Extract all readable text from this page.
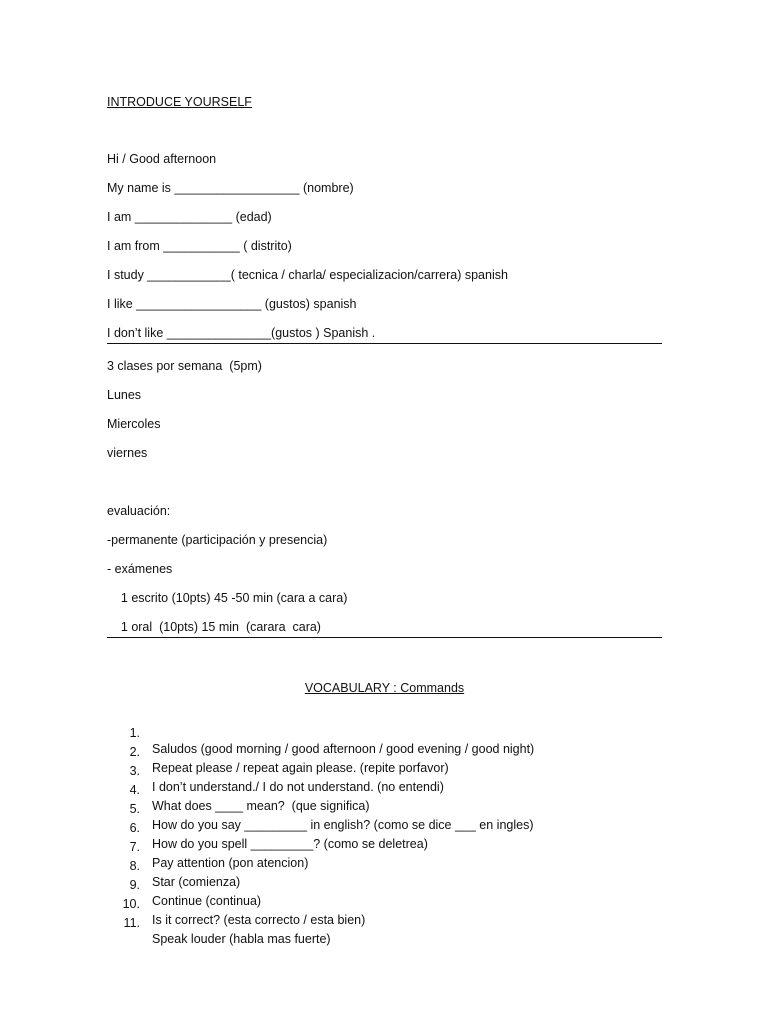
INTRODUCE YOURSELF
Hi / Good afternoon
My name is __________________ (nombre)
I am ______________ (edad)
I am from ___________ ( distrito)
I study ____________( tecnica / charla/ especializacion/carrera) spanish
I like __________________ (gustos) spanish
I don’t like _______________(gustos ) Spanish .
3 clases por semana  (5pm)
Lunes
Miercoles
viernes
evaluación:
-permanente (participación y presencia)
- exámenes
1 escrito (10pts) 45 -50 min (cara a cara)
1 oral  (10pts) 15 min  (carara  cara)
VOCABULARY : Commands

1.

Saludos (good morning / good afternoon / good evening / good night)

2.

Repeat please / repeat again please. (repite porfavor)

3.

I don’t understand./ I do not understand. (no entendi)

4.

What does ____ mean?  (que significa)

5.

How do you say _________ in english? (como se dice ___ en ingles)

6.

How do you spell _________? (como se deletrea)

7.

Pay attention (pon atencion)

8.

Star (comienza)

9.

Continue (continua)

10.

Is it correct? (esta correcto / esta bien)

11.

Speak louder (habla mas fuerte)
